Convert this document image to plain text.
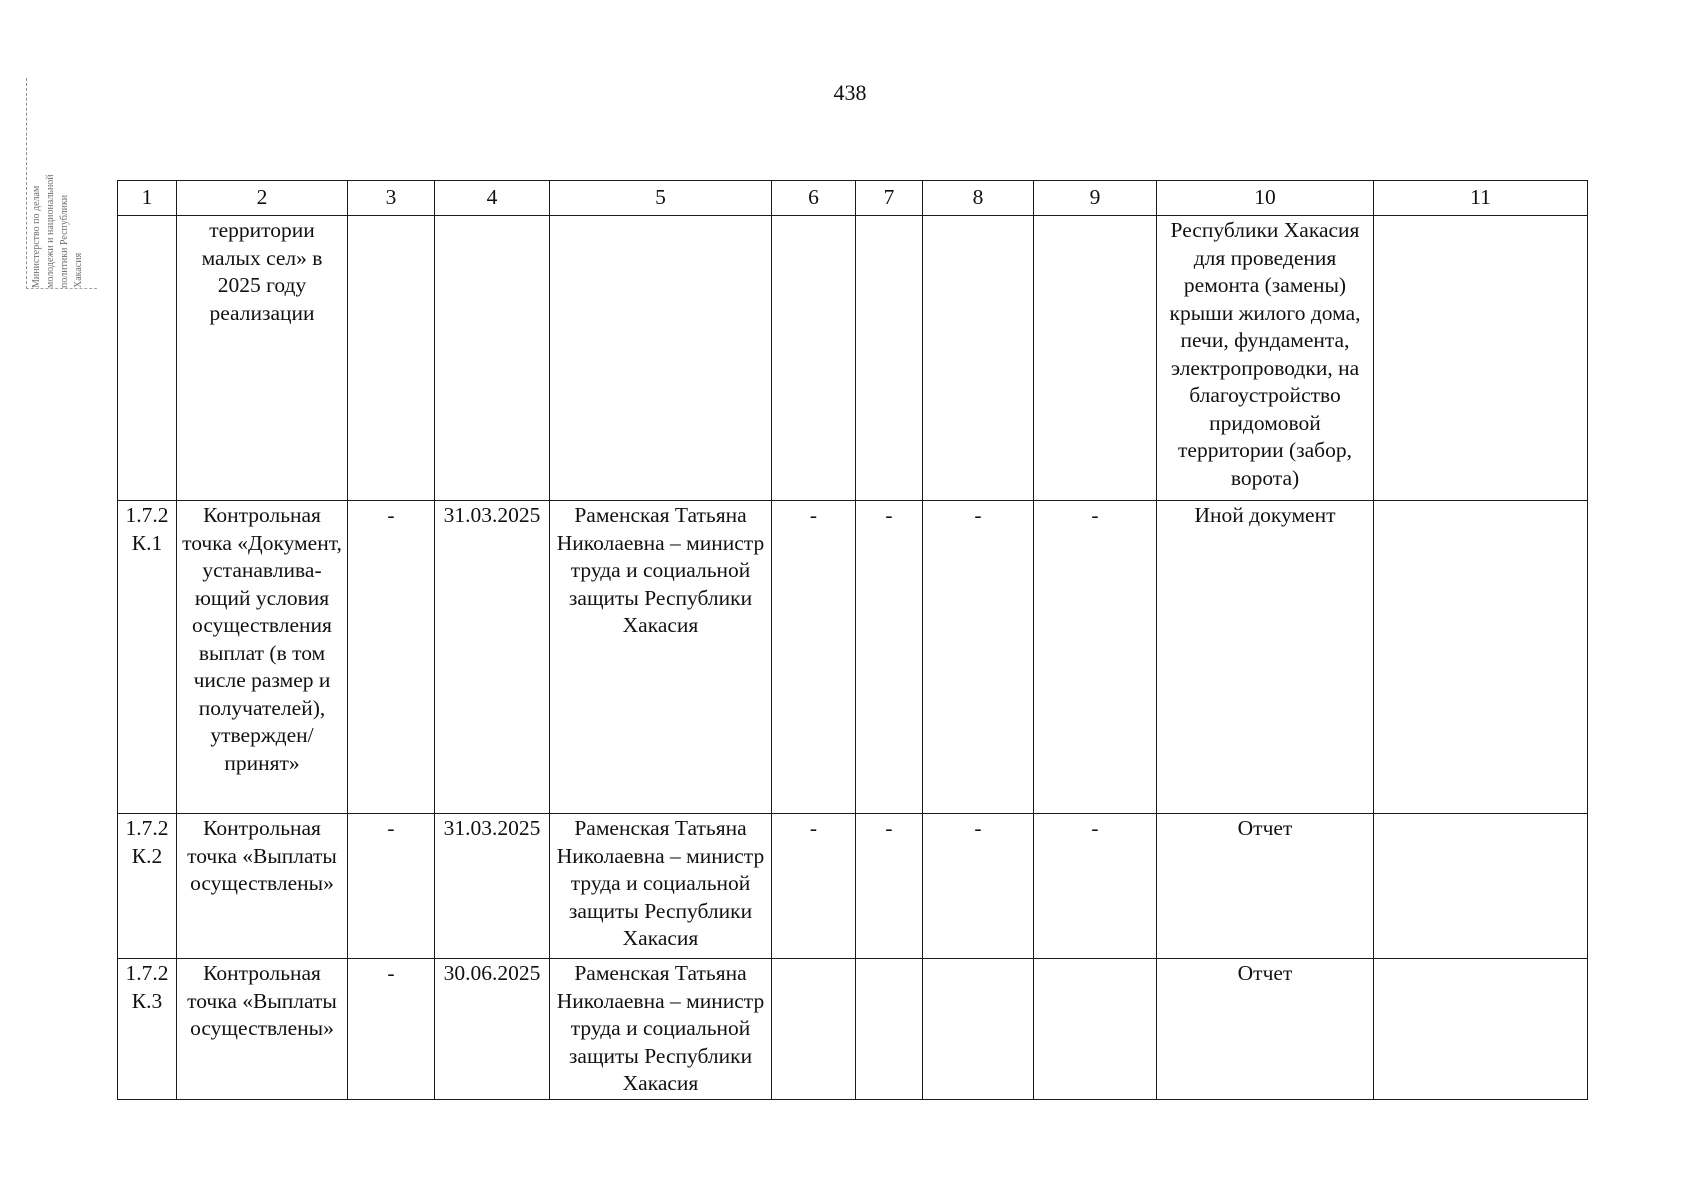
438
Министерство по делам молодежи и национальной политики Республики Хакасия
1	2	3	4	5	6	7	8	9	10	11
	территории малых сел» в 2025 году реализации								Республики Хакасия для проведения ремонта (замены) крыши жилого дома, печи, фундамента, электропроводки, на благоустройство придомовой территории (забор, ворота)	
1.7.2 К.1	Контрольная точка «Документ, устанавлива-ющий условия осуществления выплат (в том числе размер и получателей), утвержден/ принят»	-	31.03.2025	Раменская Татьяна Николаевна – министр труда и социальной защиты Республики Хакасия	-	-	-	-	Иной документ	
1.7.2 К.2	Контрольная точка «Выплаты осуществлены»	-	31.03.2025	Раменская Татьяна Николаевна – министр труда и социальной защиты Республики Хакасия	-	-	-	-	Отчет	
1.7.2 К.3	Контрольная точка «Выплаты осуществлены»	-	30.06.2025	Раменская Татьяна Николаевна – министр труда и социальной защиты Республики Хакасия					Отчет	
